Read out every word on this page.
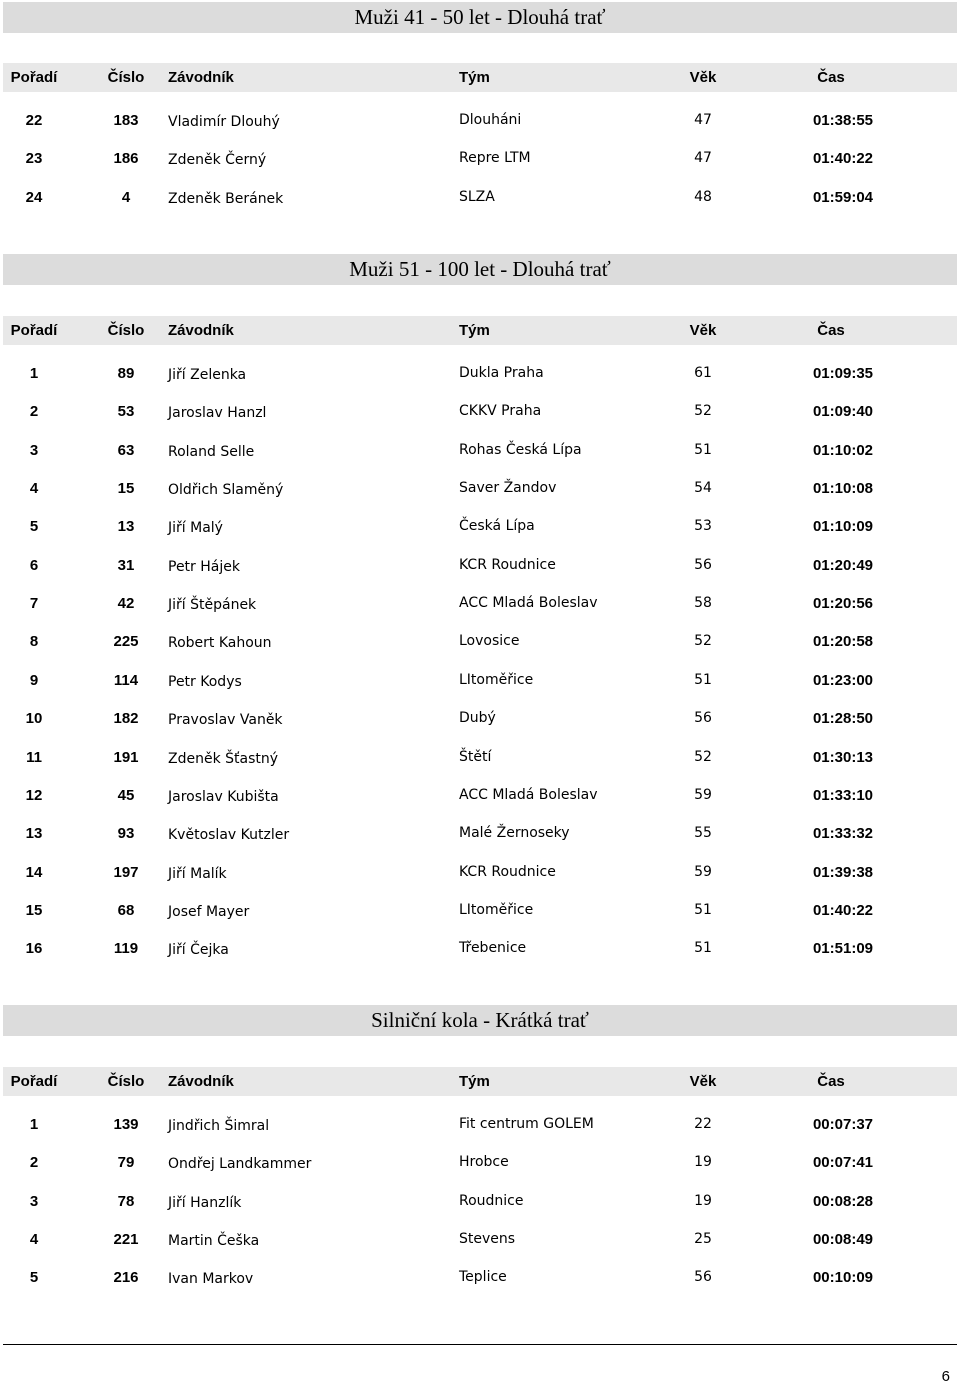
Muži 41 - 50 let - Dlouhá trať
Pořadí	Číslo Závodník	Tým	Věk	Čas
22	183	Vladimír Dlouhý	Dlouháni	47	01:38:55
23	186	Zdeněk Černý	Repre LTM	47	01:40:22
24	4	Zdeněk Beránek	SLZA	48	01:59:04
Muži 51 - 100 let - Dlouhá trať
Pořadí	Číslo Závodník	Tým	Věk	Čas
1	89	Jiří Zelenka	Dukla Praha	61	01:09:35
2	53	Jaroslav Hanzl	CKKV Praha	52	01:09:40
3	63	Roland Selle	Rohas Česká Lípa	51	01:10:02
4	15	Oldřich Slaměný	Saver Žandov	54	01:10:08
5	13	Jiří Malý	Česká Lípa	53	01:10:09
6	31	Petr Hájek	KCR Roudnice	56	01:20:49
7	42	Jiří Štěpánek	ACC Mladá Boleslav	58	01:20:56
8	225	Robert Kahoun	Lovosice	52	01:20:58
9	114	Petr Kodys	LItoměřice	51	01:23:00
10	182	Pravoslav Vaněk	Dubý	56	01:28:50
11	191	Zdeněk Šťastný	Štětí	52	01:30:13
12	45	Jaroslav Kubišta	ACC Mladá Boleslav	59	01:33:10
13	93	Květoslav Kutzler	Malé Žernoseky	55	01:33:32
14	197	Jiří Malík	KCR Roudnice	59	01:39:38
15	68	Josef Mayer	LItoměřice	51	01:40:22
16	119	Jiří Čejka	Třebenice	51	01:51:09
Silniční kola - Krátká trať
Pořadí	Číslo Závodník	Tým	Věk	Čas
1	139	Jindřich Šimral	Fit centrum GOLEM	22	00:07:37
2	79	Ondřej Landkammer	Hrobce	19	00:07:41
3	78	Jiří Hanzlík	Roudnice	19	00:08:28
4	221	Martin Češka	Stevens	25	00:08:49
5	216	Ivan Markov	Teplice	56	00:10:09
6
